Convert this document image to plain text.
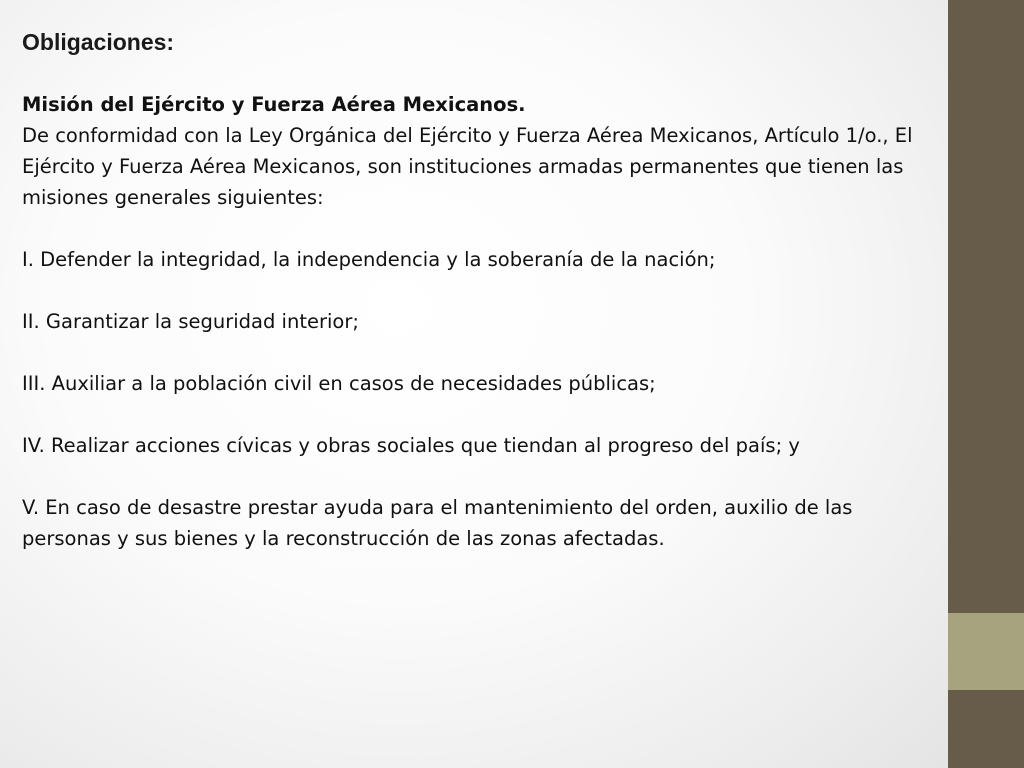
Obligaciones:

Misión del Ejército y Fuerza Aérea Mexicanos.

De conformidad con la Ley Orgánica del Ejército y Fuerza Aérea Mexicanos, Artículo 1/o., El Ejército y Fuerza Aérea Mexicanos, son instituciones armadas permanentes que tienen las misiones generales siguientes:

I. Defender la integridad, la independencia y la soberanía de la nación;

II. Garantizar la seguridad interior;

III. Auxiliar a la población civil en casos de necesidades públicas;

IV. Realizar acciones cívicas y obras sociales que tiendan al progreso del país; y

V. En caso de desastre prestar ayuda para el mantenimiento del orden, auxilio de las personas y sus bienes y la reconstrucción de las zonas afectadas.
